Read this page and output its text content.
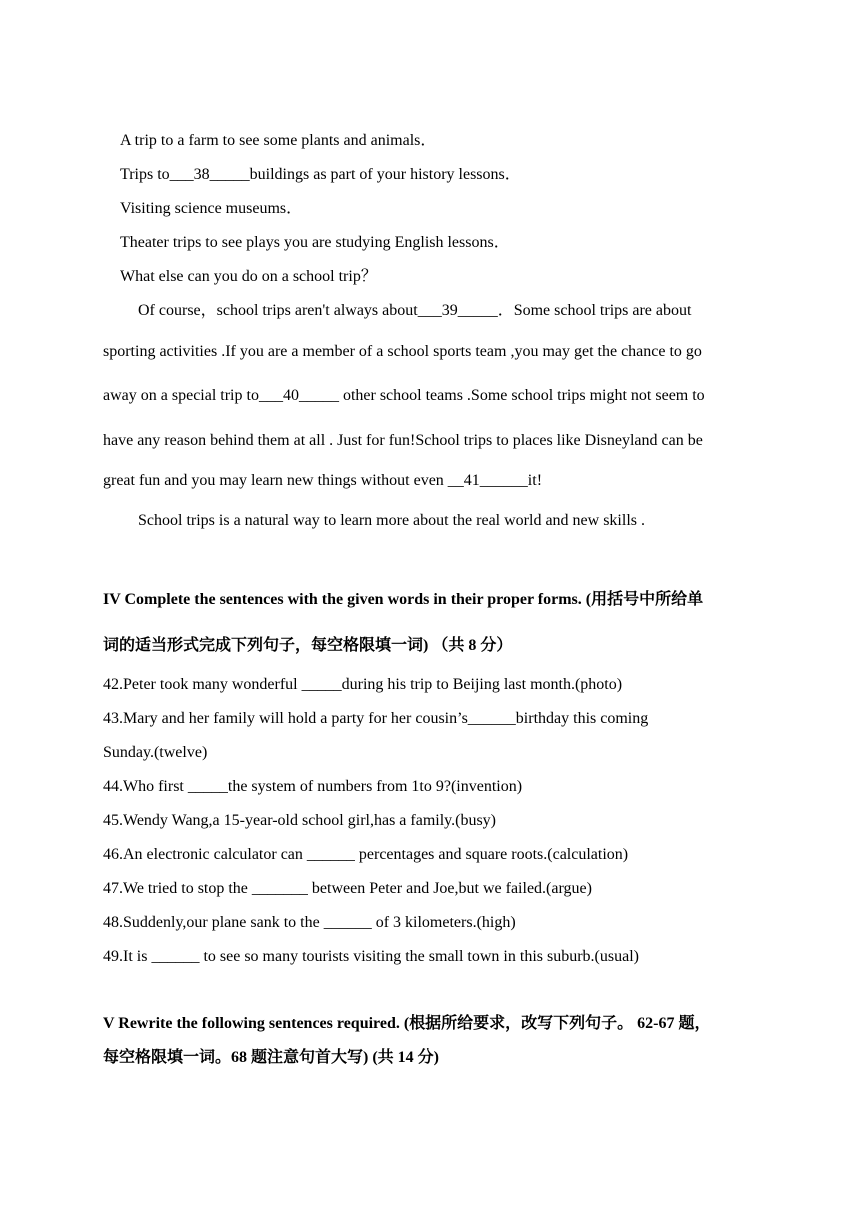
A trip to a farm to see some plants and animals．
Trips to___38_____buildings as part of your history lessons．
Visiting science museums．
Theater trips to see plays you are studying English lessons．
What else can you do on a school trip？
Of course，school trips aren't always about___39_____．Some school trips are about
sporting activities .If you are a member of a school sports team ,you may get the chance to go
away on a special trip to___40_____ other school teams .Some school trips might not seem to
have any reason behind them at all . Just for fun!School trips to places like Disneyland can be
great fun and you may learn new things without even __41______it!
School trips is a natural way to learn more about the real world and new skills .
IV Complete the sentences with the given words in their proper forms. (用括号中所给单
词的适当形式完成下列句子，每空格限填一词) （共 8 分）
42.Peter took many wonderful _____during his trip to Beijing last month.(photo)
43.Mary and her family will hold a party for her cousin’s______birthday this coming
Sunday.(twelve)
44.Who first _____the system of numbers from 1to 9?(invention)
45.Wendy Wang,a 15-year-old school girl,has a family.(busy)
46.An electronic calculator can ______ percentages and square roots.(calculation)
47.We tried to stop the _______ between Peter and Joe,but we failed.(argue)
48.Suddenly,our plane sank to the ______ of 3 kilometers.(high)
49.It is ______ to see so many tourists visiting the small town in this suburb.(usual)
V Rewrite the following sentences required. (根据所给要求，改写下列句子。 62-67 题，
每空格限填一词。68 题注意句首大写) (共 14 分)
